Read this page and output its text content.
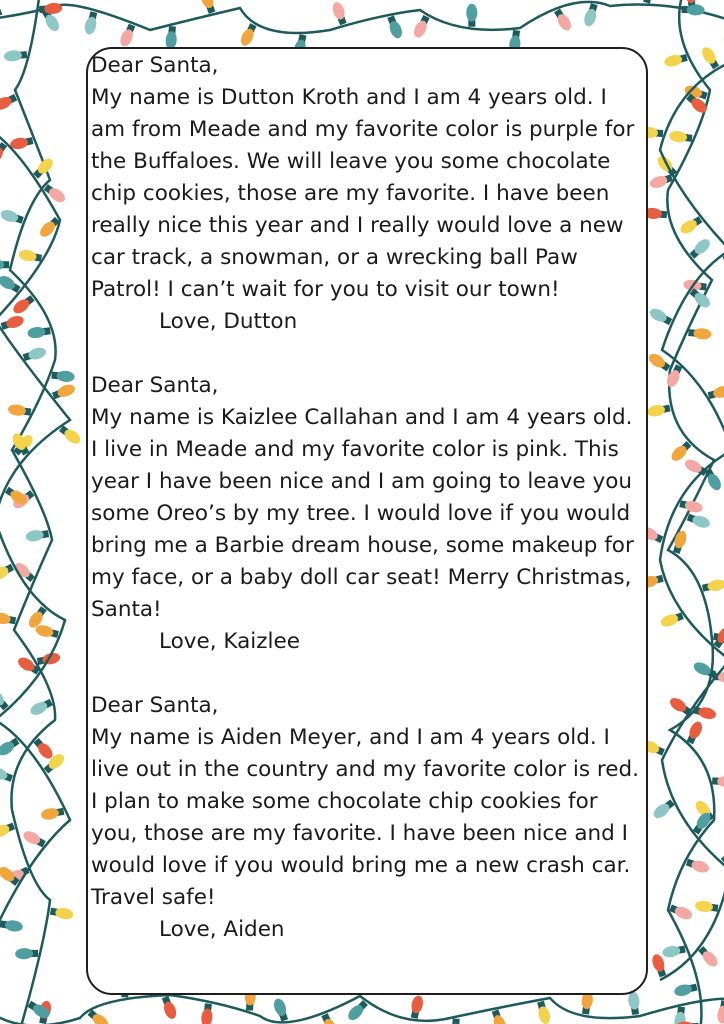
Dear Santa,
My name is Dutton Kroth and I am 4 years old. I am from Meade and my favorite color is purple for the Buffaloes. We will leave you some chocolate chip cookies, those are my favorite. I have been really nice this year and I really would love a new car track, a snowman, or a wrecking ball Paw Patrol! I can’t wait for you to visit our town!
Love, Dutton
Dear Santa,
My name is Kaizlee Callahan and I am 4 years old. I live in Meade and my favorite color is pink. This year I have been nice and I am going to leave you some Oreo’s by my tree. I would love if you would bring me a Barbie dream house, some makeup for my face, or a baby doll car seat! Merry Christmas, Santa!
Love, Kaizlee
Dear Santa,
My name is Aiden Meyer, and I am 4 years old. I live out in the country and my favorite color is red. I plan to make some chocolate chip cookies for you, those are my favorite. I have been nice and I would love if you would bring me a new crash car. Travel safe!
Love, Aiden
